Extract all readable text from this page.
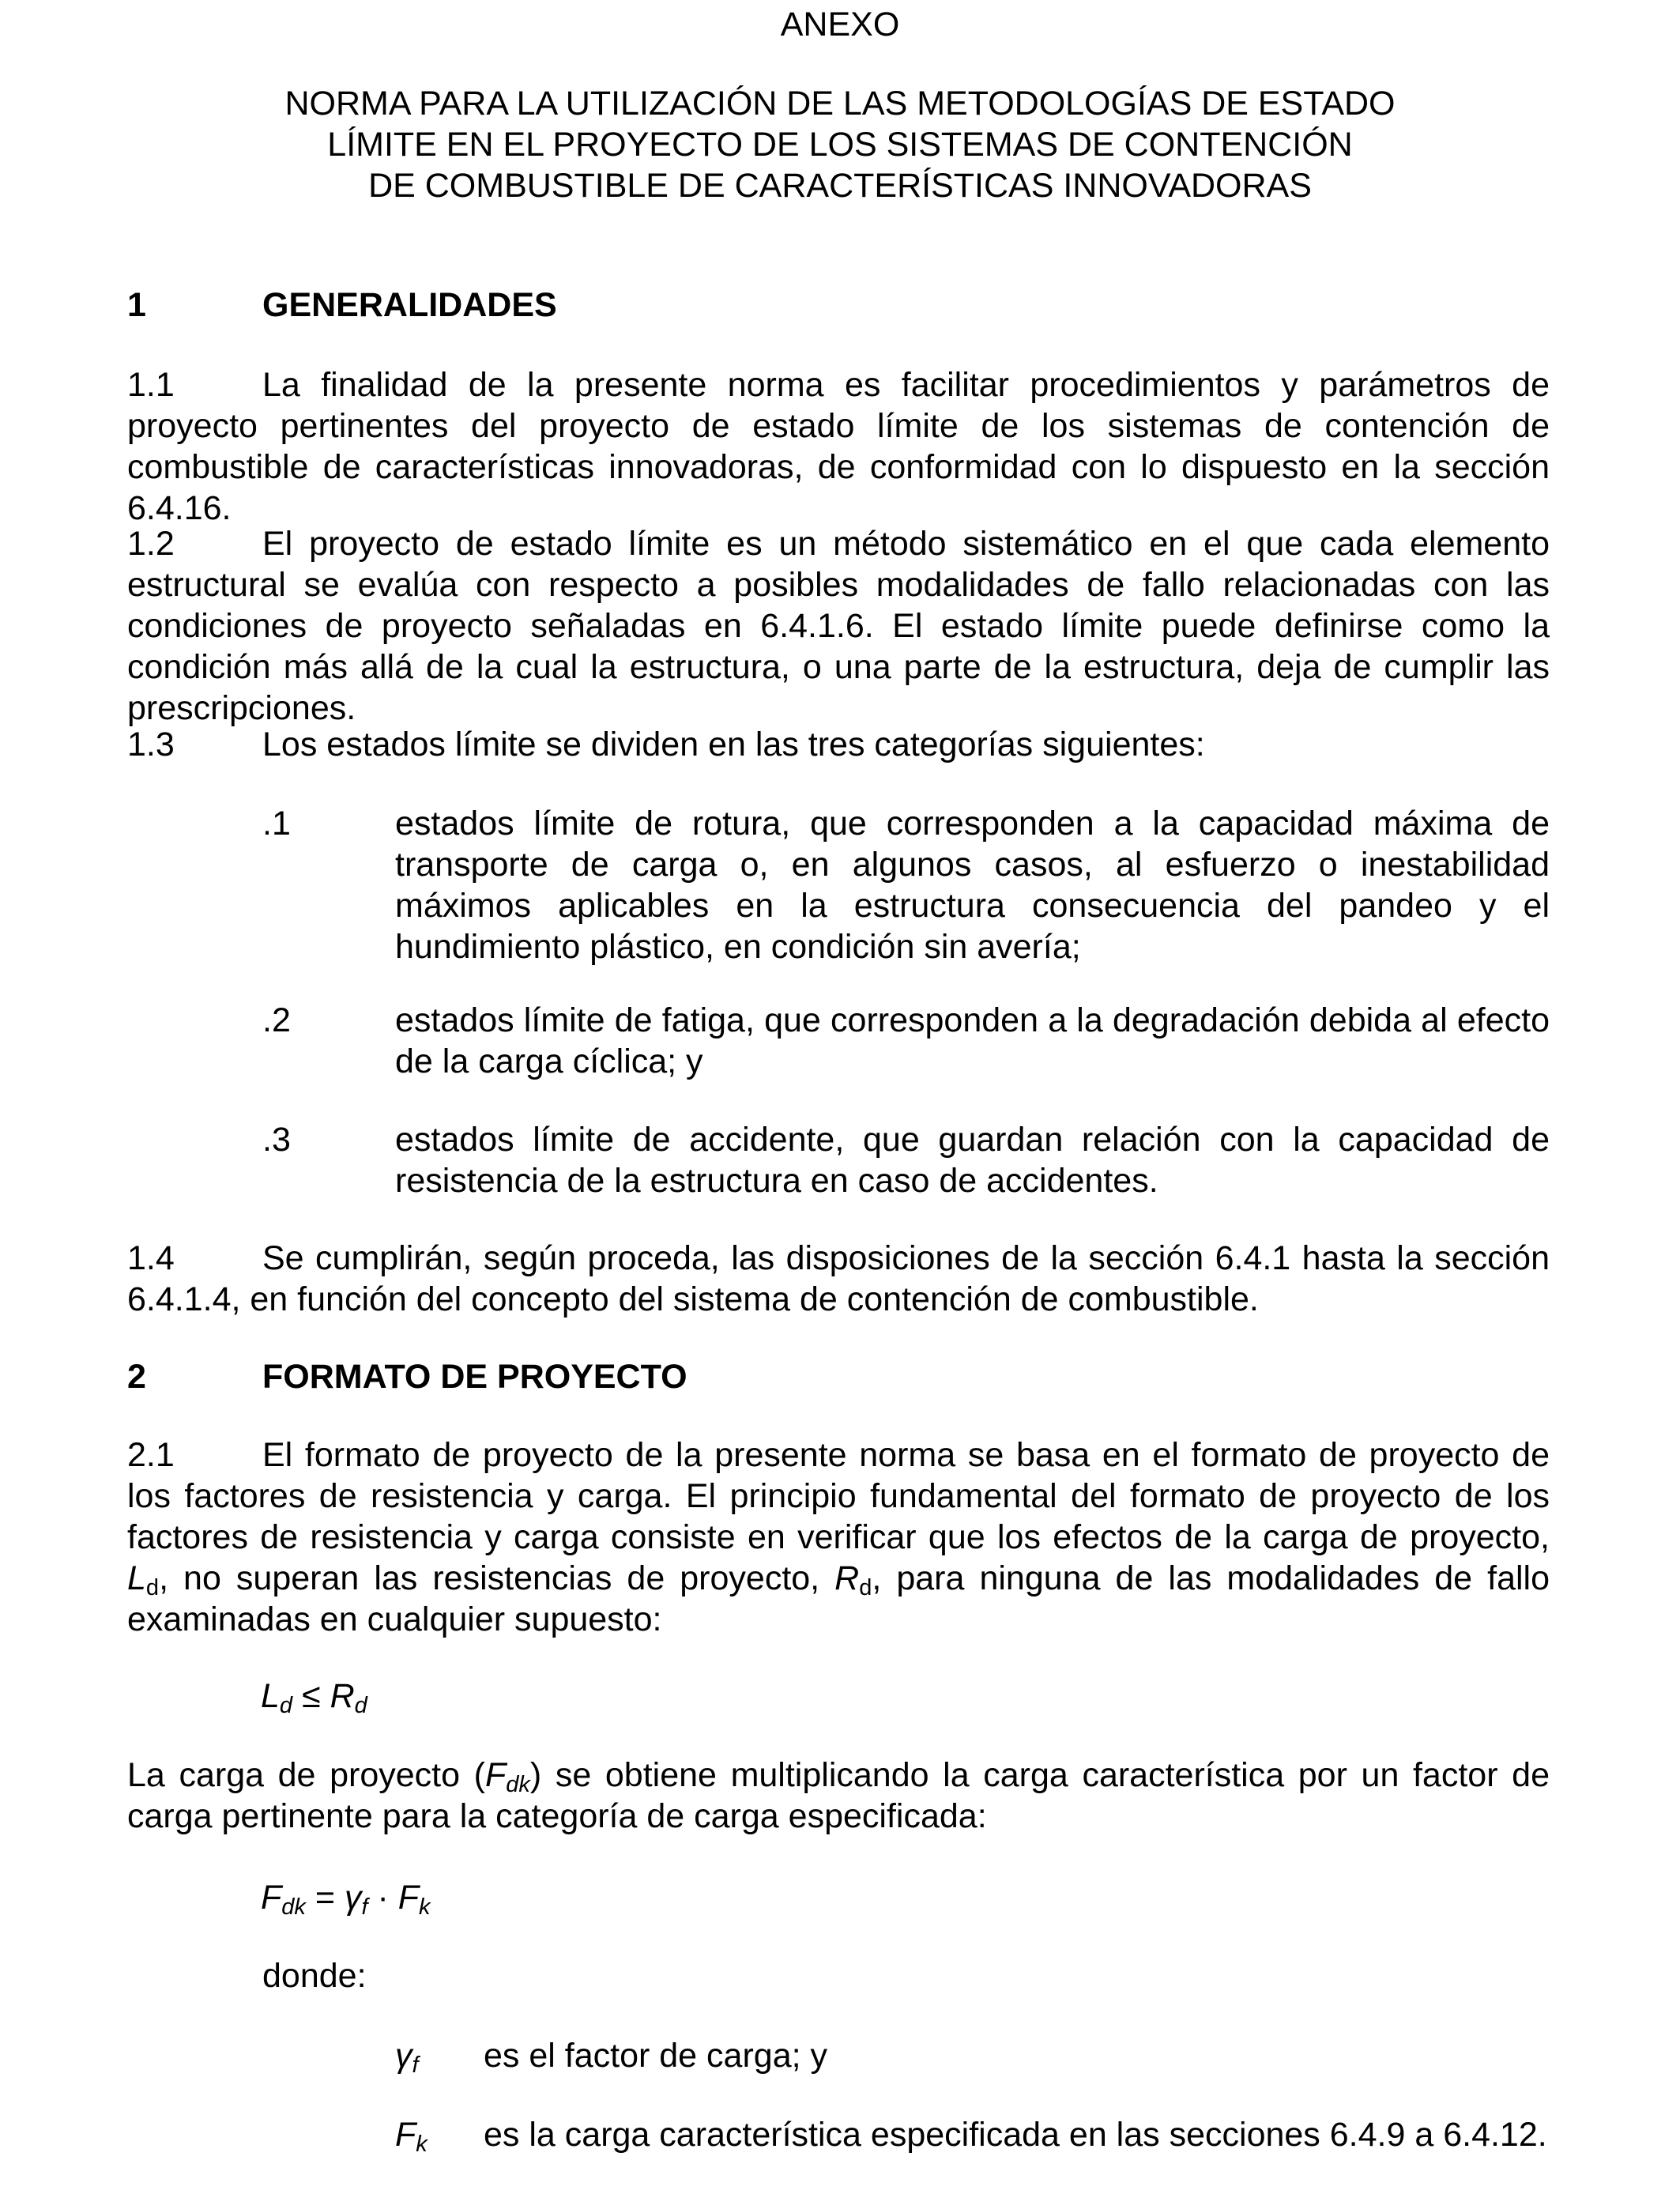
ANEXO
NORMA PARA LA UTILIZACIÓN DE LAS METODOLOGÍAS DE ESTADO
LÍMITE EN EL PROYECTO DE LOS SISTEMAS DE CONTENCIÓN
DE COMBUSTIBLE DE CARACTERÍSTICAS INNOVADORAS
1	GENERALIDADES
1.1	La finalidad de la presente norma es facilitar procedimientos y parámetros de proyecto pertinentes del proyecto de estado límite de los sistemas de contención de combustible de características innovadoras, de conformidad con lo dispuesto en la sección 6.4.16.

1.2	El proyecto de estado límite es un método sistemático en el que cada elemento estructural se evalúa con respecto a posibles modalidades de fallo relacionadas con las condiciones de proyecto señaladas en 6.4.1.6. El estado límite puede definirse como la condición más allá de la cual la estructura, o una parte de la estructura, deja de cumplir las prescripciones.

1.3	Los estados límite se dividen en las tres categorías siguientes:
.1	estados límite de rotura, que corresponden a la capacidad máxima de transporte de carga o, en algunos casos, al esfuerzo o inestabilidad máximos aplicables en la estructura consecuencia del pandeo y el hundimiento plástico, en condición sin avería;

.2	estados límite de fatiga, que corresponden a la degradación debida al efecto de la carga cíclica; y

.3	estados límite de accidente, que guardan relación con la capacidad de resistencia de la estructura en caso de accidentes.

1.4	Se cumplirán, según proceda, las disposiciones de la sección 6.4.1 hasta la sección 6.4.1.4, en función del concepto del sistema de contención de combustible.

2	FORMATO DE PROYECTO
2.1	El formato de proyecto de la presente norma se basa en el formato de proyecto de los factores de resistencia y carga. El principio fundamental del formato de proyecto de los factores de resistencia y carga consiste en verificar que los efectos de la carga de proyecto, $L_d$, no superan las resistencias de proyecto, $R_d$, para ninguna de las modalidades de fallo examinadas en cualquier supuesto:

$L_d \le R_d$

La carga de proyecto $(F_{dk})$ se obtiene multiplicando la carga característica por un factor de carga pertinente para la categoría de carga especificada:

$F_{dk} = \gamma_f \cdot F_k$
donde:
$\gamma_f$ es el factor de carga; y
$F_k$ es la carga característica especificada en las secciones 6.4.9 a 6.4.12.
